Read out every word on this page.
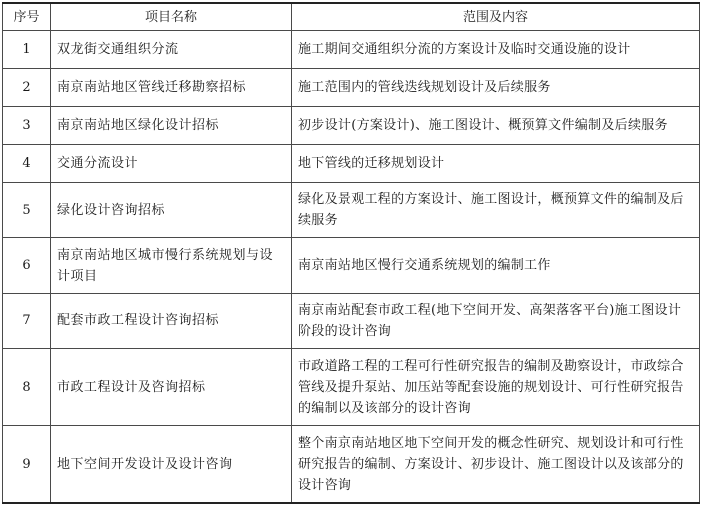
序号	项目名称	范围及内容
1	双龙街交通组织分流	施工期间交通组织分流的方案设计及临时交通设施的设计
2	南京南站地区管线迁移勘察招标	施工范围内的管线迭线规划设计及后续服务
3	南京南站地区绿化设计招标	初步设计(方案设计)、施工图设计、概预算文件编制及后续服务
4	交通分流设计	地下管线的迁移规划设计
5	绿化设计咨询招标	绿化及景观工程的方案设计、施工图设计，概预算文件的编制及后续服务
6	南京南站地区城市慢行系统规划与设计项目	南京南站地区慢行交通系统规划的编制工作
7	配套市政工程设计咨询招标	南京南站配套市政工程(地下空间开发、高架落客平台)施工图设计阶段的设计咨询
8	市政工程设计及咨询招标	市政道路工程的工程可行性研究报告的编制及勘察设计，市政综合管线及提升泵站、加压站等配套设施的规划设计、可行性研究报告的编制以及该部分的设计咨询
9	地下空间开发设计及设计咨询	整个南京南站地区地下空间开发的概念性研究、规划设计和可行性研究报告的编制、方案设计、初步设计、施工图设计以及该部分的设计咨询
